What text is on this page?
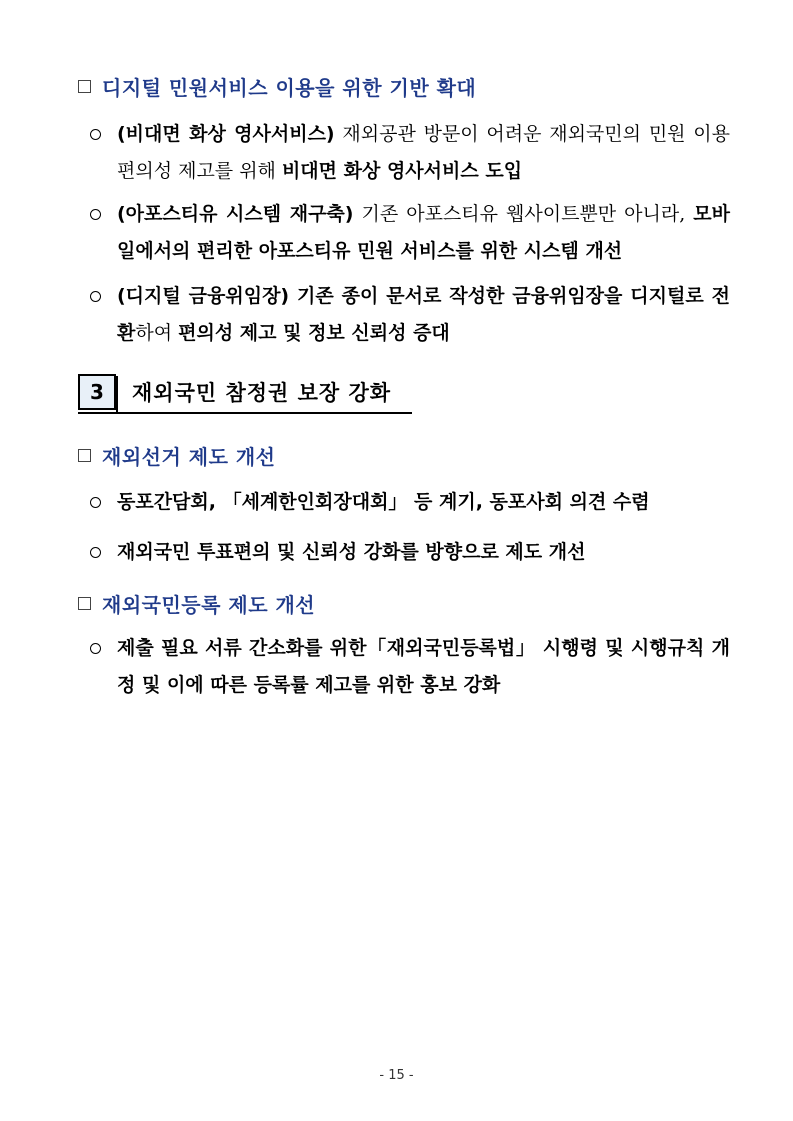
디지털 민원서비스 이용을 위한 기반 확대
(비대면 화상 영사서비스) 재외공관 방문이 어려운 재외국민의 민원 이용 편의성 제고를 위해 비대면 화상 영사서비스 도입
(아포스티유 시스템 재구축) 기존 아포스티유 웹사이트뿐만 아니라, 모바일에서의 편리한 아포스티유 민원 서비스를 위한 시스템 개선
(디지털 금융위임장) 기존 종이 문서로 작성한 금융위임장을 디지털로 전환하여 편의성 제고 및 정보 신뢰성 증대
3	재외국민 참정권 보장 강화
재외선거 제도 개선
동포간담회, 「세계한인회장대회」 등 계기, 동포사회 의견 수렴
재외국민 투표편의 및 신뢰성 강화를 방향으로 제도 개선
재외국민등록 제도 개선
제출 필요 서류 간소화를 위한「재외국민등록법」 시행령 및 시행규칙 개정 및 이에 따른 등록률 제고를 위한 홍보 강화
- 15 -
